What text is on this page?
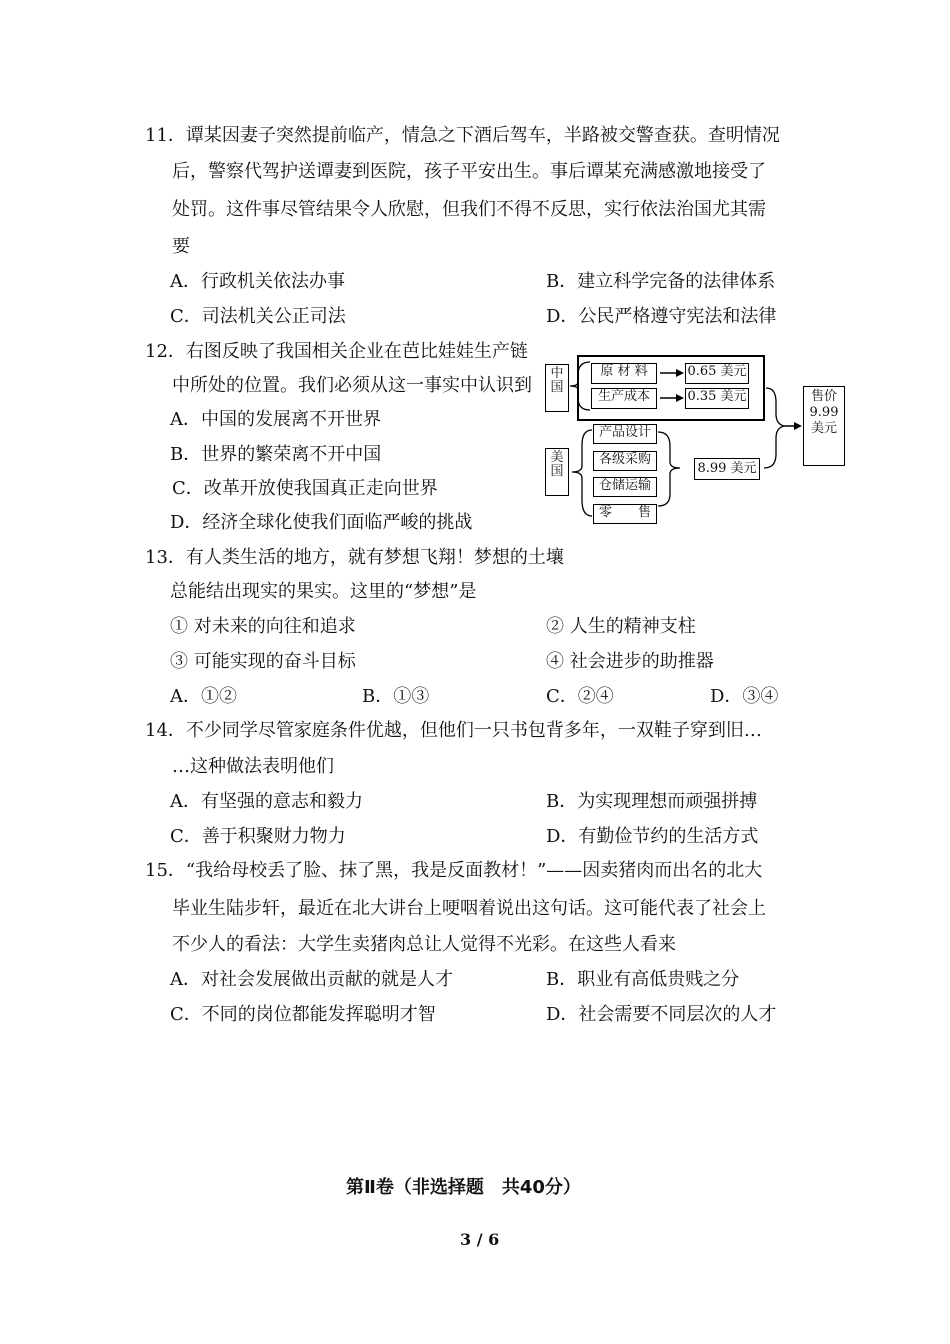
11．谭某因妻子突然提前临产，情急之下酒后驾车，半路被交警查获。查明情况
后，警察代驾护送谭妻到医院，孩子平安出生。事后谭某充满感激地接受了
处罚。这件事尽管结果令人欣慰，但我们不得不反思，实行依法治国尤其需
要
A．行政机关依法办事	B．建立科学完备的法律体系
C．司法机关公正司法	D．公民严格遵守宪法和法律
12．右图反映了我国相关企业在芭比娃娃生产链
中所处的位置。我们必须从这一事实中认识到
A．中国的发展离不开世界
B．世界的繁荣离不开中国
C．改革开放使我国真正走向世界
D．经济全球化使我们面临严峻的挑战
中国
原 材 料
生产成本
0.65 美元
0.35 美元
美国
产品设计
各级采购
仓储运输
零　　售
8.99 美元
售价
9.99
美元
13．有人类生活的地方，就有梦想飞翔！梦想的土壤
总能结出现实的果实。这里的“梦想”是
① 对未来的向往和追求	② 人生的精神支柱
③ 可能实现的奋斗目标	④ 社会进步的助推器
A．①②	B．①③	C．②④	D．③④
14．不少同学尽管家庭条件优越，但他们一只书包背多年，一双鞋子穿到旧…
…这种做法表明他们
A．有坚强的意志和毅力	B．为实现理想而顽强拼搏
C．善于积聚财力物力	D．有勤俭节约的生活方式
15．“我给母校丢了脸、抹了黑，我是反面教材！”——因卖猪肉而出名的北大
毕业生陆步轩，最近在北大讲台上哽咽着说出这句话。这可能代表了社会上
不少人的看法：大学生卖猪肉总让人觉得不光彩。在这些人看来
A．对社会发展做出贡献的就是人才	B．职业有高低贵贱之分
C．不同的岗位都能发挥聪明才智	D．社会需要不同层次的人才
第Ⅱ卷（非选择题　共40分）
3 / 6
